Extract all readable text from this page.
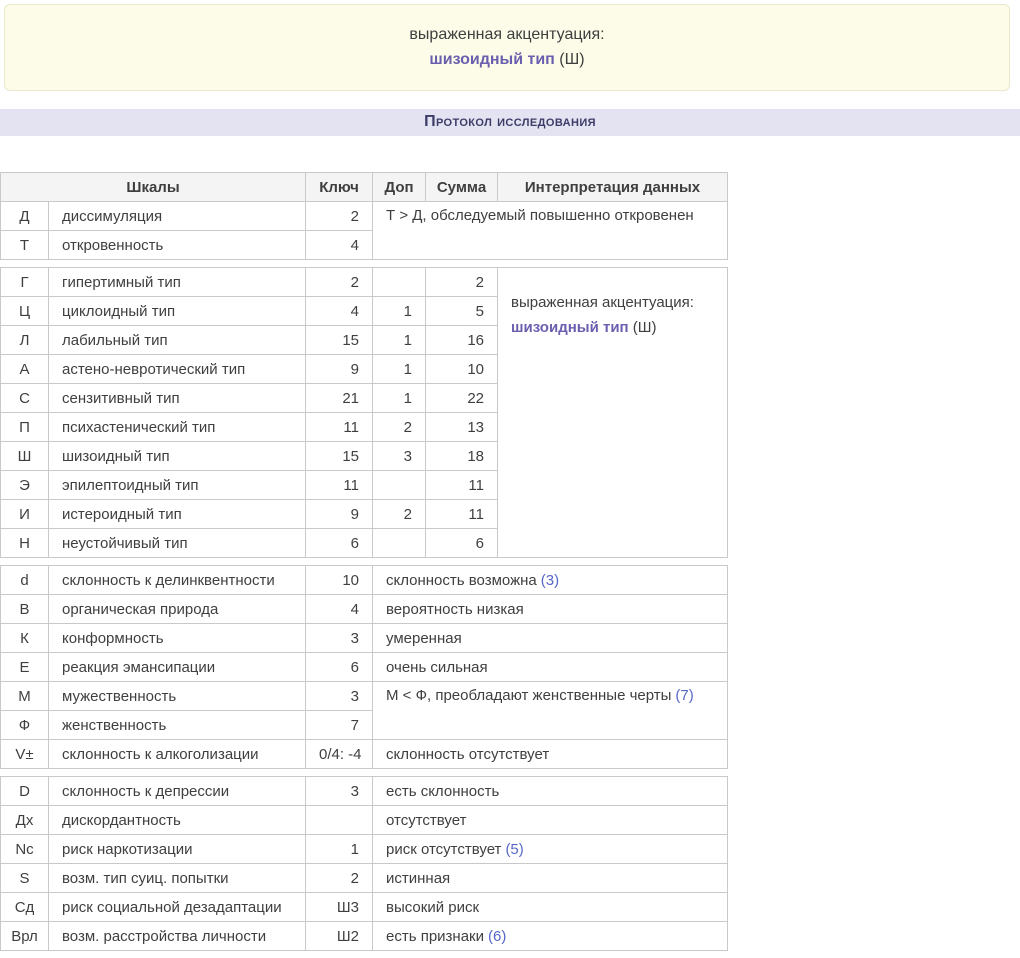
выраженная акцентуация:
шизоидный тип (Ш)
Протокол исследования
Шкалы		Ключ	Доп	Сумма	Интерпретация данных
Д	диссимуляция	2	Т > Д, обследуемый повышенно откровенен		
Т	откровенность	4			
Г	гипертимный тип	2		2	выраженная акцентуация:
шизоидный тип (Ш)

Ц	циклоидный тип	4	1	5	
Л	лабильный тип	15	1	16	
А	астено-невротический тип	9	1	10	
С	сензитивный тип	21	1	22	
П	психастенический тип	11	2	13	
Ш	шизоидный тип	15	3	18	
Э	эпилептоидный тип	11		11	
И	истероидный тип	9	2	11	
Н	неустойчивый тип	6		6	
d	склонность к делинквентности	10	склонность возможна (3)
В	органическая природа	4	вероятность низкая
К	конформность	3	умеренная
Е	реакция эмансипации	6	очень сильная
М	мужественность	3	М < Ф, преобладают женственные черты (7)
Ф	женственность	7	
V±	склонность к алкоголизации	0/4: -4	склонность отсутствует
D	склонность к депрессии	3	есть склонность
Дх	дискордантность		отсутствует
Nc	риск наркотизации	1	риск отсутствует (5)
S	возм. тип суиц. попытки	2	истинная
Сд	риск социальной дезадаптации	Ш3	высокий риск
Врл	возм. расстройства личности	Ш2	есть признаки (6)
